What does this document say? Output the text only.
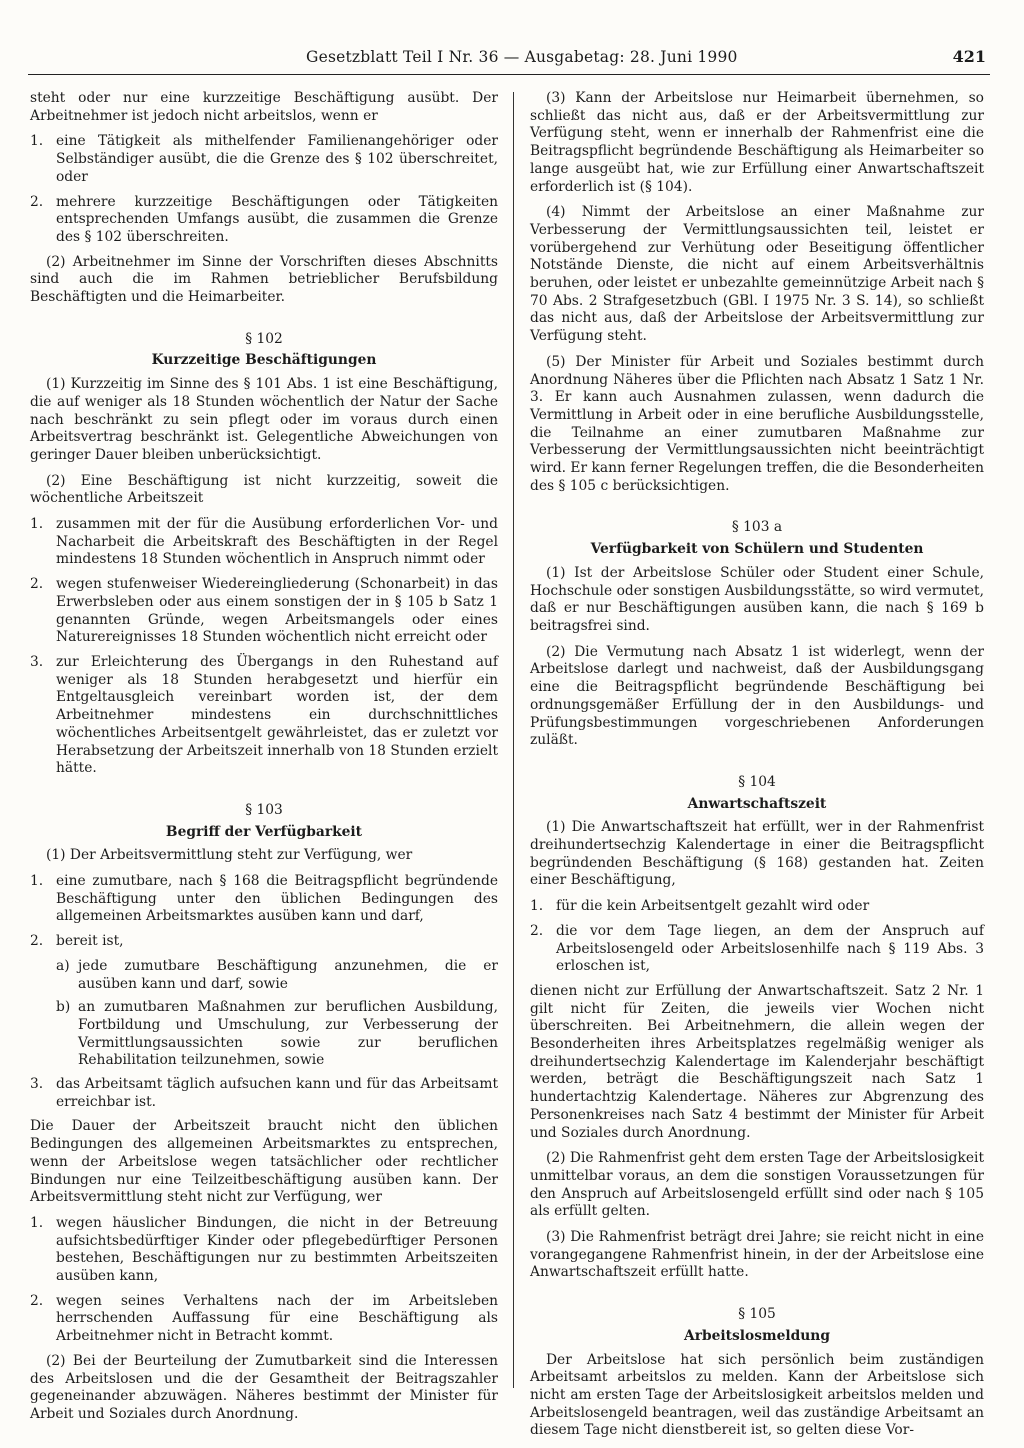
Gesetzblatt Teil I Nr. 36 — Ausgabetag: 28. Juni 1990	421

steht oder nur eine kurzzeitige Beschäftigung ausübt. Der Arbeitnehmer ist jedoch nicht arbeitslos, wenn er

1. eine Tätigkeit als mithelfender Familienangehöriger oder Selbständiger ausübt, die die Grenze des § 102 überschreitet, oder
2. mehrere kurzzeitige Beschäftigungen oder Tätigkeiten entsprechenden Umfangs ausübt, die zusammen die Grenze des § 102 überschreiten.

(2) Arbeitnehmer im Sinne der Vorschriften dieses Abschnitts sind auch die im Rahmen betrieblicher Berufsbildung Beschäftigten und die Heimarbeiter.

§ 102
Kurzzeitige Beschäftigungen

(1) Kurzzeitig im Sinne des § 101 Abs. 1 ist eine Beschäftigung, die auf weniger als 18 Stunden wöchentlich der Natur der Sache nach beschränkt zu sein pflegt oder im voraus durch einen Arbeitsvertrag beschränkt ist. Gelegentliche Abweichungen von geringer Dauer bleiben unberücksichtigt.

(2) Eine Beschäftigung ist nicht kurzzeitig, soweit die wöchentliche Arbeitszeit

1. zusammen mit der für die Ausübung erforderlichen Vor- und Nacharbeit die Arbeitskraft des Beschäftigten in der Regel mindestens 18 Stunden wöchentlich in Anspruch nimmt oder
2. wegen stufenweiser Wiedereingliederung (Schonarbeit) in das Erwerbsleben oder aus einem sonstigen der in § 105 b Satz 1 genannten Gründe, wegen Arbeitsmangels oder eines Naturereignisses 18 Stunden wöchentlich nicht erreicht oder
3. zur Erleichterung des Übergangs in den Ruhestand auf weniger als 18 Stunden herabgesetzt und hierfür ein Entgeltausgleich vereinbart worden ist, der dem Arbeitnehmer mindestens ein durchschnittliches wöchentliches Arbeitsentgelt gewährleistet, das er zuletzt vor Herabsetzung der Arbeitszeit innerhalb von 18 Stunden erzielt hätte.
§ 103
Begriff der Verfügbarkeit

(1) Der Arbeitsvermittlung steht zur Verfügung, wer

1. eine zumutbare, nach § 168 die Beitragspflicht begründende Beschäftigung unter den üblichen Bedingungen des allgemeinen Arbeitsmarktes ausüben kann und darf,
2. bereit ist,
a) jede zumutbare Beschäftigung anzunehmen, die er ausüben kann und darf, sowie
b) an zumutbaren Maßnahmen zur beruflichen Ausbildung, Fortbildung und Umschulung, zur Verbesserung der Vermittlungsaussichten sowie zur beruflichen Rehabilitation teilzunehmen, sowie
3. das Arbeitsamt täglich aufsuchen kann und für das Arbeitsamt erreichbar ist.

Die Dauer der Arbeitszeit braucht nicht den üblichen Bedingungen des allgemeinen Arbeitsmarktes zu entsprechen, wenn der Arbeitslose wegen tatsächlicher oder rechtlicher Bindungen nur eine Teilzeitbeschäftigung ausüben kann. Der Arbeitsvermittlung steht nicht zur Verfügung, wer

1. wegen häuslicher Bindungen, die nicht in der Betreuung aufsichtsbedürftiger Kinder oder pflegebedürftiger Personen bestehen, Beschäftigungen nur zu bestimmten Arbeitszeiten ausüben kann,
2. wegen seines Verhaltens nach der im Arbeitsleben herrschenden Auffassung für eine Beschäftigung als Arbeitnehmer nicht in Betracht kommt.

(2) Bei der Beurteilung der Zumutbarkeit sind die Interessen des Arbeitslosen und die der Gesamtheit der Beitragszahler gegeneinander abzuwägen. Näheres bestimmt der Minister für Arbeit und Soziales durch Anordnung.

(3) Kann der Arbeitslose nur Heimarbeit übernehmen, so schließt das nicht aus, daß er der Arbeitsvermittlung zur Verfügung steht, wenn er innerhalb der Rahmenfrist eine die Beitragspflicht begründende Beschäftigung als Heimarbeiter so lange ausgeübt hat, wie zur Erfüllung einer Anwartschaftszeit erforderlich ist (§ 104).

(4) Nimmt der Arbeitslose an einer Maßnahme zur Verbesserung der Vermittlungsaussichten teil, leistet er vorübergehend zur Verhütung oder Beseitigung öffentlicher Notstände Dienste, die nicht auf einem Arbeitsverhältnis beruhen, oder leistet er unbezahlte gemeinnützige Arbeit nach § 70 Abs. 2 Strafgesetzbuch (GBl. I 1975 Nr. 3 S. 14), so schließt das nicht aus, daß der Arbeitslose der Arbeitsvermittlung zur Verfügung steht.

(5) Der Minister für Arbeit und Soziales bestimmt durch Anordnung Näheres über die Pflichten nach Absatz 1 Satz 1 Nr. 3. Er kann auch Ausnahmen zulassen, wenn dadurch die Vermittlung in Arbeit oder in eine berufliche Ausbildungsstelle, die Teilnahme an einer zumutbaren Maßnahme zur Verbesserung der Vermittlungsaussichten nicht beeinträchtigt wird. Er kann ferner Regelungen treffen, die die Besonderheiten des § 105 c berücksichtigen.

§ 103 a
Verfügbarkeit von Schülern und Studenten

(1) Ist der Arbeitslose Schüler oder Student einer Schule, Hochschule oder sonstigen Ausbildungsstätte, so wird vermutet, daß er nur Beschäftigungen ausüben kann, die nach § 169 b beitragsfrei sind.

(2) Die Vermutung nach Absatz 1 ist widerlegt, wenn der Arbeitslose darlegt und nachweist, daß der Ausbildungsgang eine die Beitragspflicht begründende Beschäftigung bei ordnungsgemäßer Erfüllung der in den Ausbildungs- und Prüfungsbestimmungen vorgeschriebenen Anforderungen zuläßt.

§ 104
Anwartschaftszeit

(1) Die Anwartschaftszeit hat erfüllt, wer in der Rahmenfrist dreihundertsechzig Kalendertage in einer die Beitragspflicht begründenden Beschäftigung (§ 168) gestanden hat. Zeiten einer Beschäftigung,

1. für die kein Arbeitsentgelt gezahlt wird oder
2. die vor dem Tage liegen, an dem der Anspruch auf Arbeitslosengeld oder Arbeitslosenhilfe nach § 119 Abs. 3 erloschen ist,

dienen nicht zur Erfüllung der Anwartschaftszeit. Satz 2 Nr. 1 gilt nicht für Zeiten, die jeweils vier Wochen nicht überschreiten. Bei Arbeitnehmern, die allein wegen der Besonderheiten ihres Arbeitsplatzes regelmäßig weniger als dreihundertsechzig Kalendertage im Kalenderjahr beschäftigt werden, beträgt die Beschäftigungszeit nach Satz 1 hundertachtzig Kalendertage. Näheres zur Abgrenzung des Personenkreises nach Satz 4 bestimmt der Minister für Arbeit und Soziales durch Anordnung.

(2) Die Rahmenfrist geht dem ersten Tage der Arbeitslosigkeit unmittelbar voraus, an dem die sonstigen Voraussetzungen für den Anspruch auf Arbeitslosengeld erfüllt sind oder nach § 105 als erfüllt gelten.

(3) Die Rahmenfrist beträgt drei Jahre; sie reicht nicht in eine vorangegangene Rahmenfrist hinein, in der der Arbeitslose eine Anwartschaftszeit erfüllt hatte.

§ 105
Arbeitslosmeldung

Der Arbeitslose hat sich persönlich beim zuständigen Arbeitsamt arbeitslos zu melden. Kann der Arbeitslose sich nicht am ersten Tage der Arbeitslosigkeit arbeitslos melden und Arbeitslosengeld beantragen, weil das zuständige Arbeitsamt an diesem Tage nicht dienstbereit ist, so gelten diese Vor-
